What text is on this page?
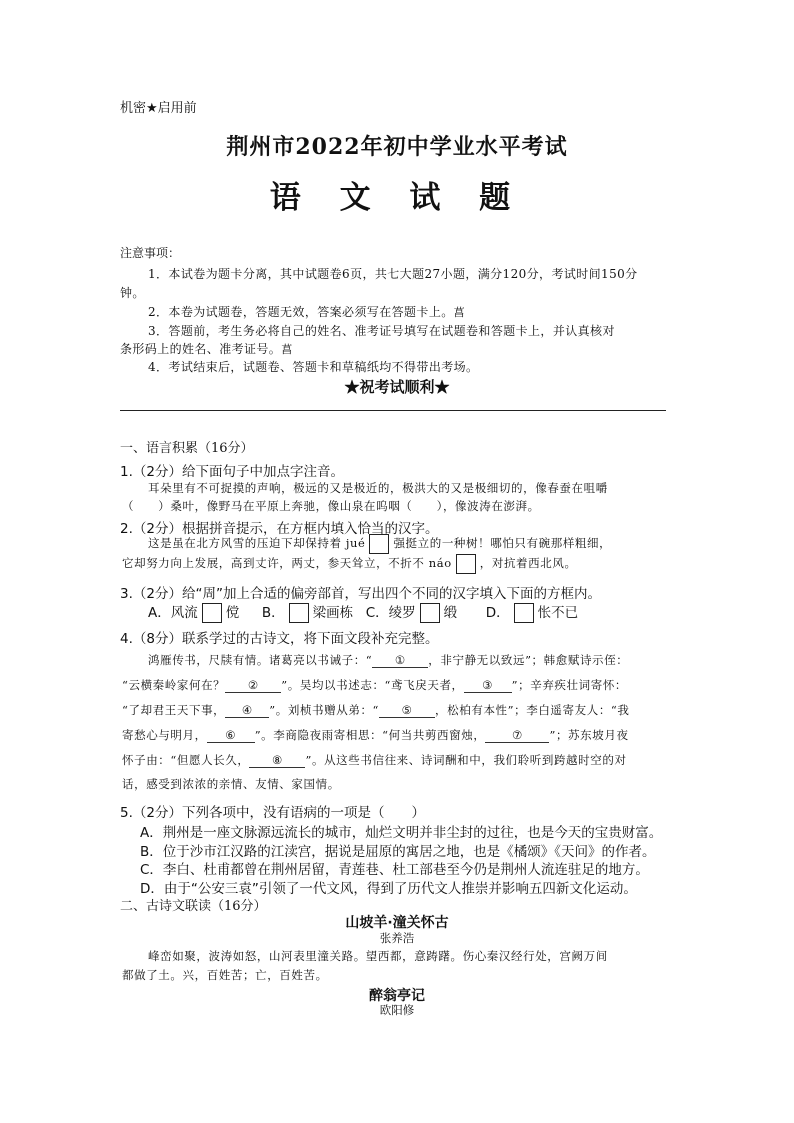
机密★启用前
荆州市2022年初中学业水平考试
语 文 试 题
注意事项：
1．本试卷为题卡分离，其中试题卷6页，共七大题27小题，满分120分，考试时间150分
钟。
2．本卷为试题卷，答题无效，答案必须写在答题卡上。菖
3．答题前，考生务必将自己的姓名、准考证号填写在试题卷和答题卡上，并认真核对
条形码上的姓名、准考证号。菖
4．考试结束后，试题卷、答题卡和草稿纸均不得带出考场。
★祝考试顺利★
一、语言积累（16分）
1.（2分）给下面句子中加点字注音。
耳朵里有不可捉摸的声响，极远的又是极近的，极洪大的又是极细切的，像春蚕在咀嚼
（　　）桑叶，像野马在平原上奔驰，像山泉在呜咽（　　），像波涛在澎湃。
2.（2分）根据拼音提示，在方框内填入恰当的汉字。
这是虽在北方风雪的压迫下却保持着 jué 强挺立的一种树！哪怕只有碗那样粗细，
它却努力向上发展，高到丈许，两丈，参天耸立，不折不 náo ，对抗着西北风。
3.（2分）给“周”加上合适的偏旁部首，写出四个不同的汉字填入下面的方框内。
A．风流 傥 B． 梁画栋 C．绫罗 缎 D． 怅不已
4.（8分）联系学过的古诗文，将下面文段补充完整。
鸿雁传书，尺牍有情。诸葛亮以书诫子：“ ① ，非宁静无以致远”；韩愈赋诗示侄：
“云横秦岭家何在？ ② ”。吴均以书述志：“鸢飞戾天者， ③ ”；辛弃疾壮词寄怀：
“了却君王天下事， ④ ”。刘桢书赠从弟：“ ⑤ ，松柏有本性”；李白遥寄友人：“我
寄愁心与明月， ⑥ ”。李商隐夜雨寄相思：“何当共剪西窗烛， ⑦ ”；苏东坡月夜
怀子由：“但愿人长久， ⑧ ”。从这些书信往来、诗词酬和中，我们聆听到跨越时空的对
话，感受到浓浓的亲情、友情、家国情。
5.（2分）下列各项中，没有语病的一项是（　　）
A．荆州是一座文脉源远流长的城市，灿烂文明并非尘封的过往，也是今天的宝贵财富。
B．位于沙市江汉路的江渎宫，据说是屈原的寓居之地，也是《橘颂》《天问》的作者。
C．李白、杜甫都曾在荆州居留，青莲巷、杜工部巷至今仍是荆州人流连驻足的地方。
D．由于“公安三袁”引领了一代文风，得到了历代文人推崇并影响五四新文化运动。
二、古诗文联读（16分）
山坡羊·潼关怀古
张养浩
峰峦如聚，波涛如怒，山河表里潼关路。望西都，意踌躇。伤心秦汉经行处，宫阙万间
都做了土。兴，百姓苦；亡，百姓苦。
醉翁亭记
欧阳修
